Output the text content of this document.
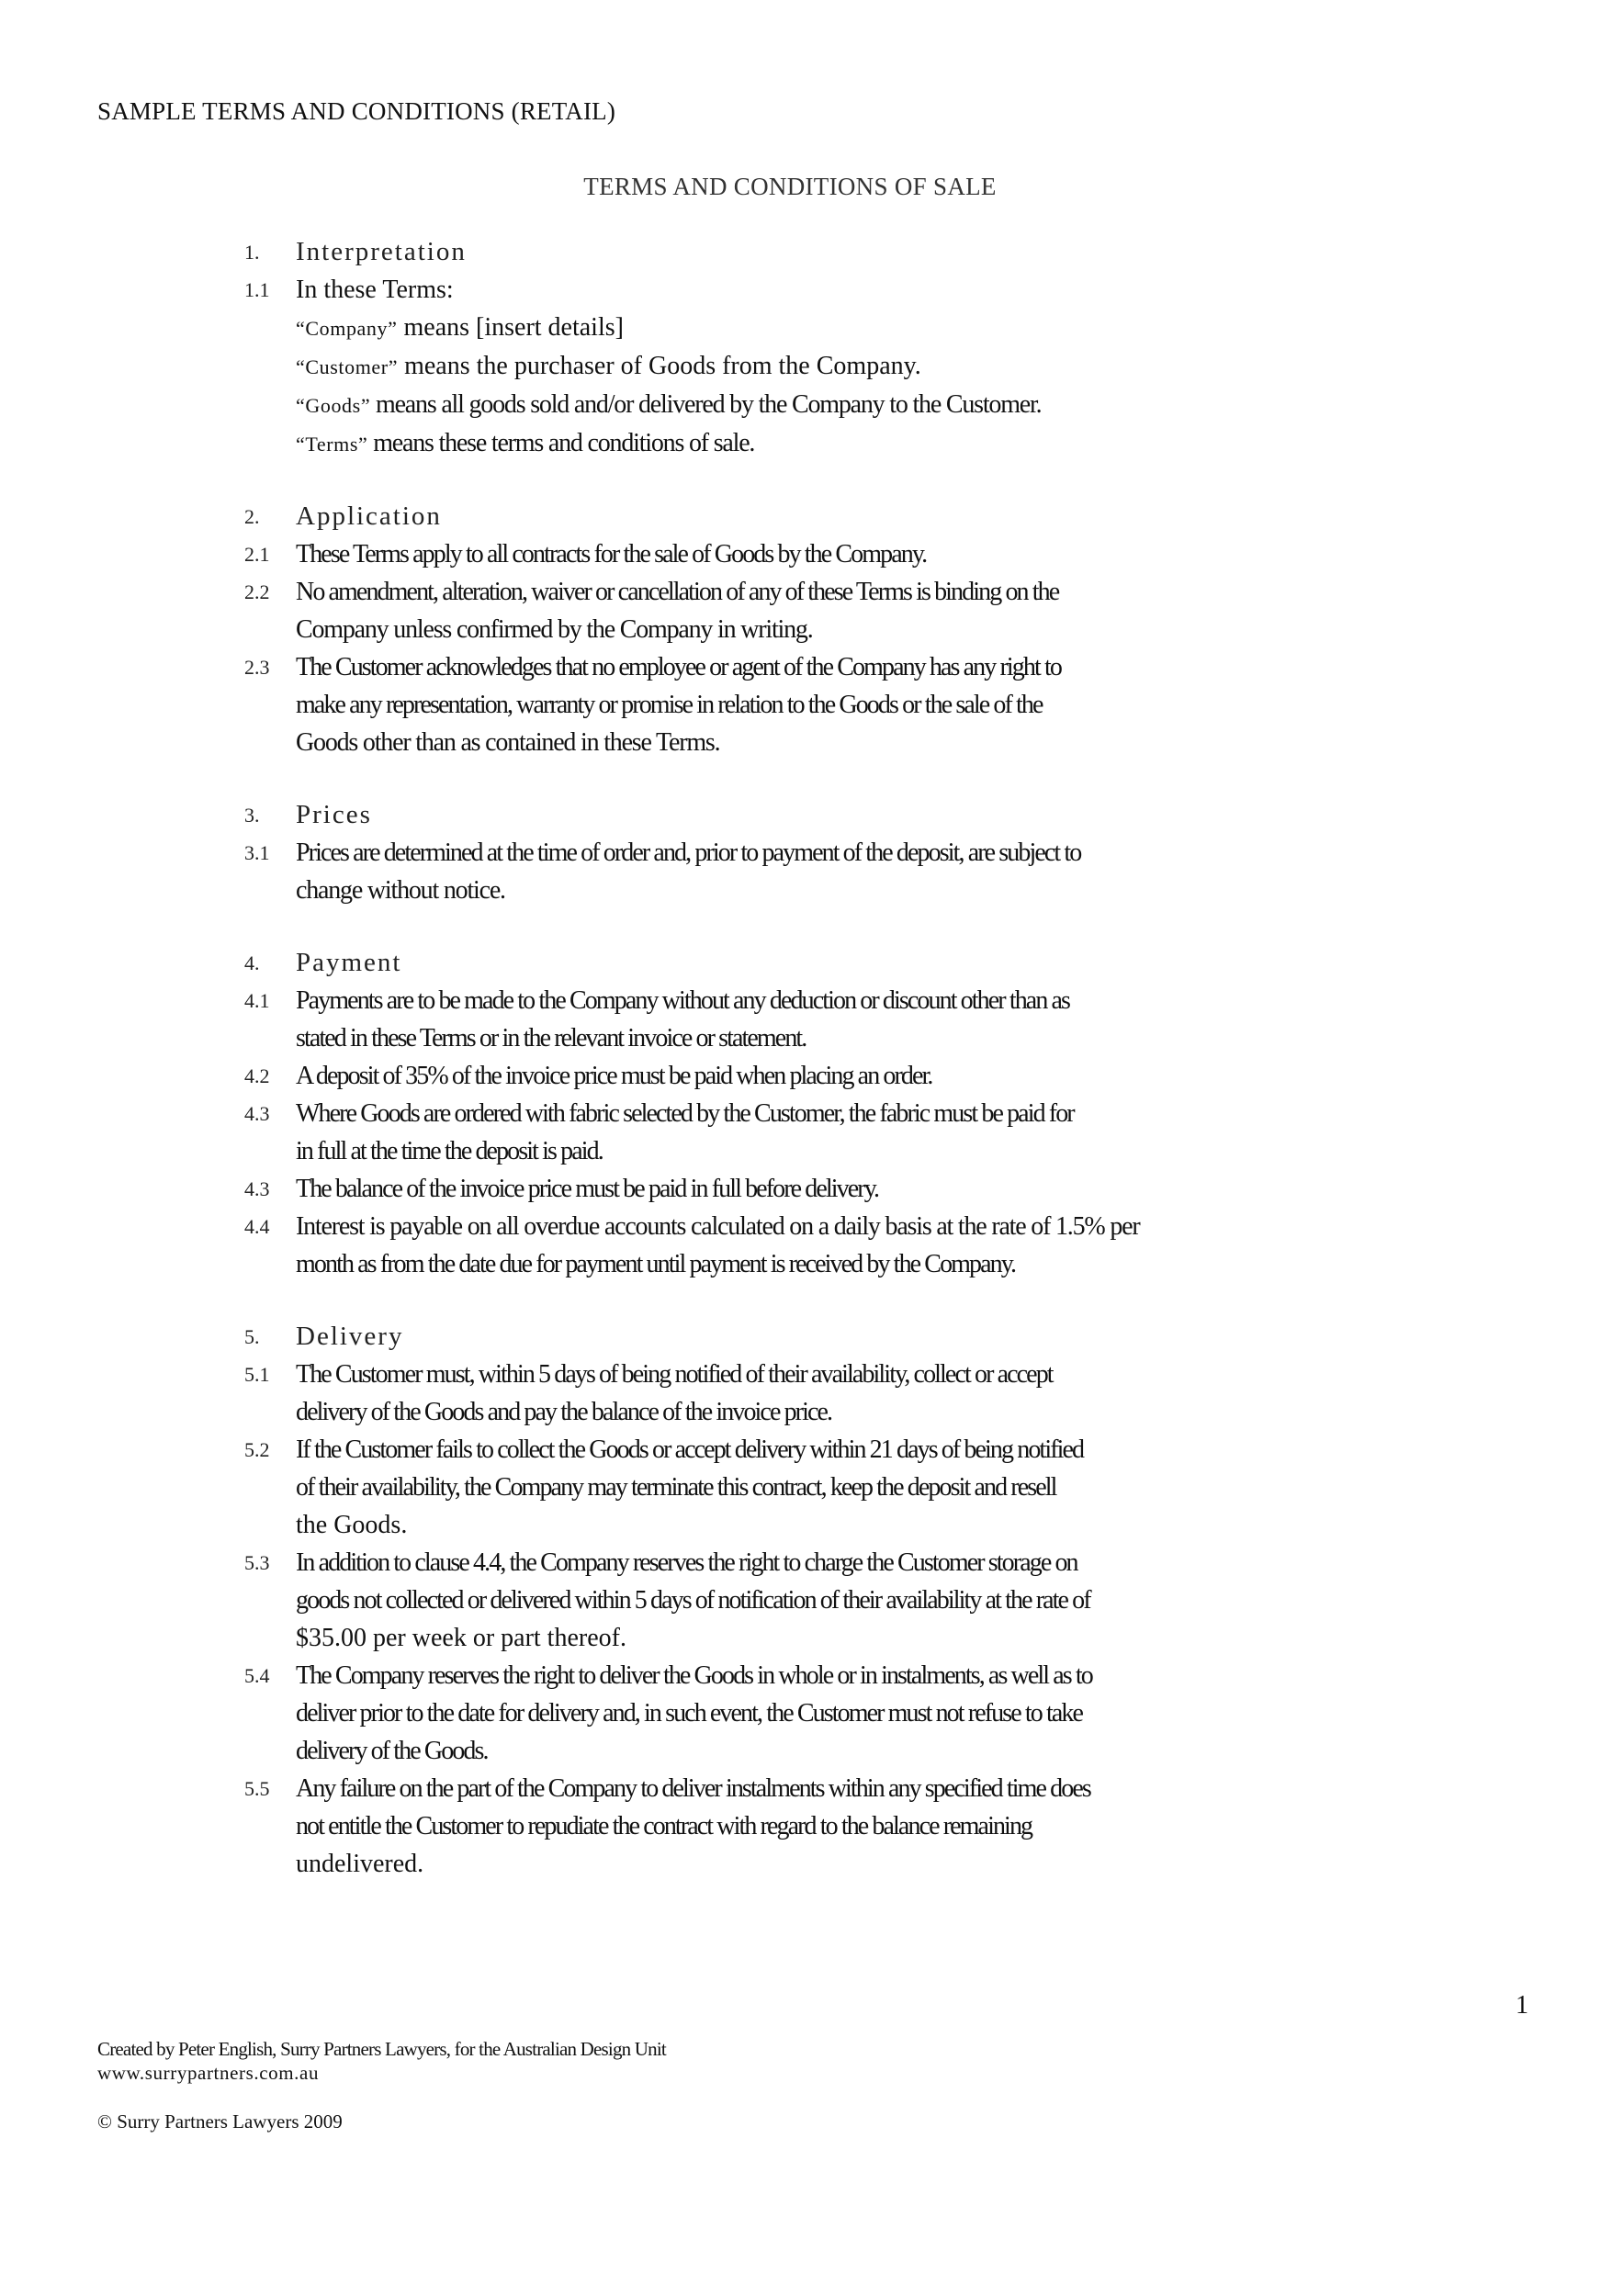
SAMPLE TERMS AND CONDITIONS (RETAIL)
TERMS AND CONDITIONS OF SALE
1. Interpretation
1.1 In these Terms:
“Company” means [insert details]
“Customer” means the purchaser of Goods from the Company.
“Goods” means all goods sold and/or delivered by the Company to the Customer.
“Terms” means these terms and conditions of sale.
2. Application
2.1 These Terms apply to all contracts for the sale of Goods by the Company.
2.2 No amendment, alteration, waiver or cancellation of any of these Terms is binding on the
Company unless confirmed by the Company in writing.
2.3 The Customer acknowledges that no employee or agent of the Company has any right to
make any representation, warranty or promise in relation to the Goods or the sale of the
Goods other than as contained in these Terms.
3. Prices
3.1 Prices are determined at the time of order and, prior to payment of the deposit, are subject to
change without notice.
4. Payment
4.1 Payments are to be made to the Company without any deduction or discount other than as
stated in these Terms or in the relevant invoice or statement.
4.2 A deposit of 35% of the invoice price must be paid when placing an order.
4.3 Where Goods are ordered with fabric selected by the Customer, the fabric must be paid for
in full at the time the deposit is paid.
4.3 The balance of the invoice price must be paid in full before delivery.
4.4 Interest is payable on all overdue accounts calculated on a daily basis at the rate of 1.5% per
month as from the date due for payment until payment is received by the Company.
5. Delivery
5.1 The Customer must, within 5 days of being notified of their availability, collect or accept
delivery of the Goods and pay the balance of the invoice price.
5.2 If the Customer fails to collect the Goods or accept delivery within 21 days of being notified
of their availability, the Company may terminate this contract, keep the deposit and resell
the Goods.
5.3 In addition to clause 4.4, the Company reserves the right to charge the Customer storage on
goods not collected or delivered within 5 days of notification of their availability at the rate of
$35.00 per week or part thereof.
5.4 The Company reserves the right to deliver the Goods in whole or in instalments, as well as to
deliver prior to the date for delivery and, in such event, the Customer must not refuse to take
delivery of the Goods.
5.5 Any failure on the part of the Company to deliver instalments within any specified time does
not entitle the Customer to repudiate the contract with regard to the balance remaining
undelivered.
1
Created by Peter English, Surry Partners Lawyers, for the Australian Design Unit
www.surrypartners.com.au
© Surry Partners Lawyers 2009
